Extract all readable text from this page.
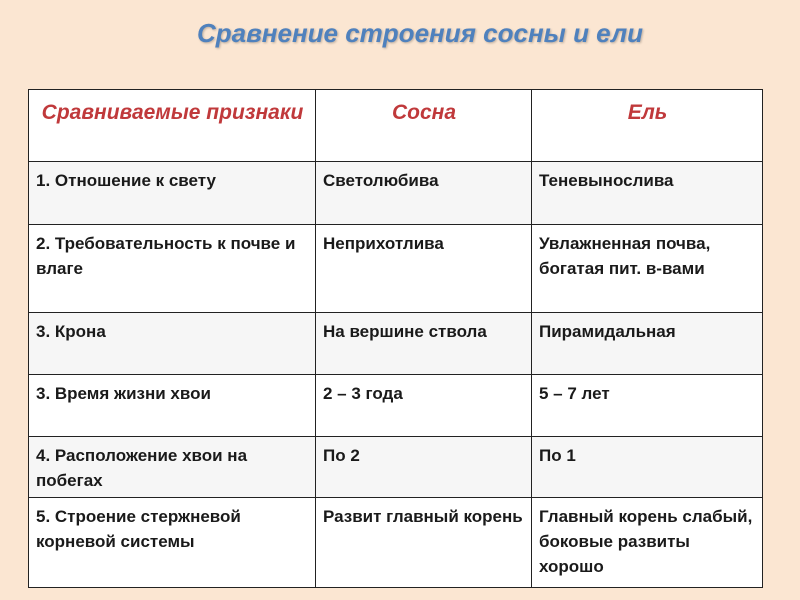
Сравнение строения сосны и ели
Сравниваемые признаки	Сосна	Ель
1. Отношение к свету	Светолюбива	Теневынослива
2. Требовательность к почве и влаге	Неприхотлива	Увлажненная почва, богатая пит. в-вами
3. Крона	На вершине ствола	Пирамидальная
3. Время жизни хвои	2 – 3 года	5 – 7 лет
4. Расположение хвои на побегах	По 2	По 1
5. Строение стержневой корневой системы	Развит главный корень	Главный корень слабый, боковые развиты хорошо
